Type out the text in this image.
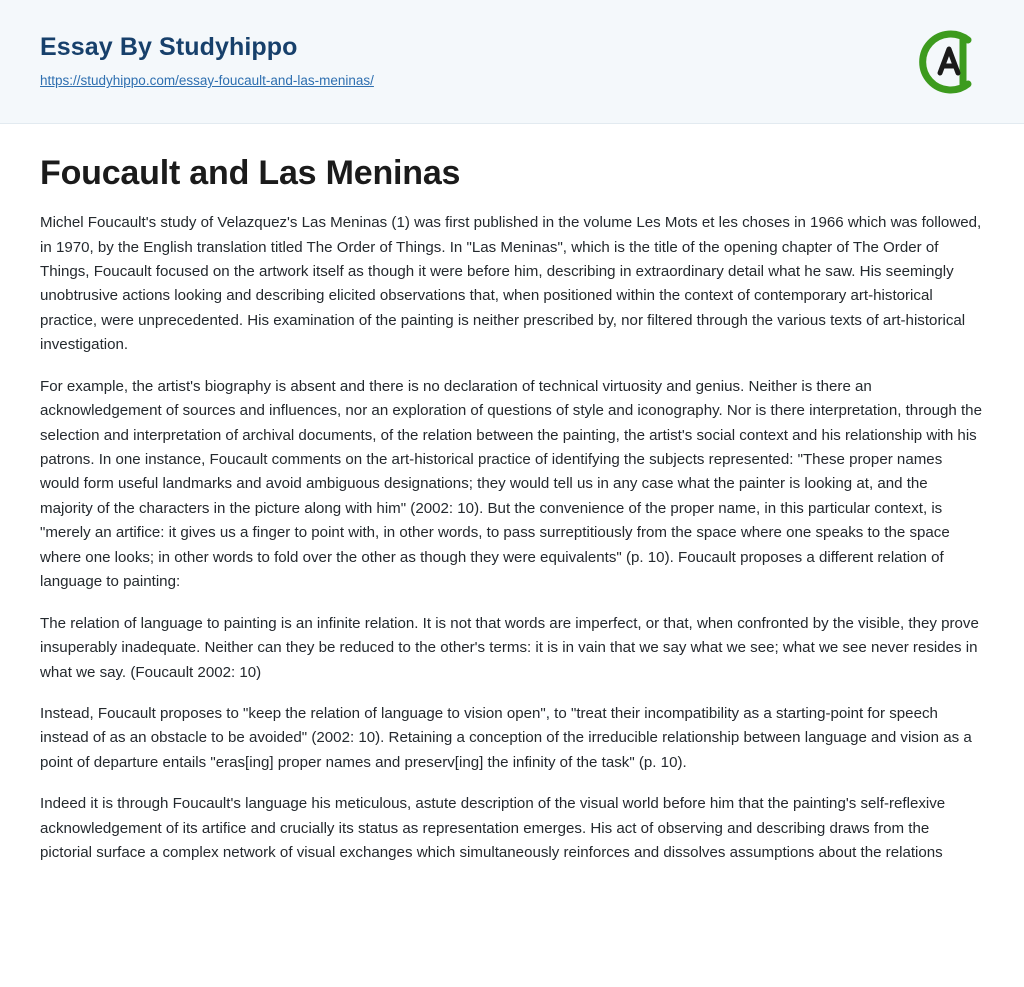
Essay By Studyhippo
https://studyhippo.com/essay-foucault-and-las-meninas/
Foucault and Las Meninas

Michel Foucault's study of Velazquez's Las Meninas (1) was first published in the volume Les Mots et les choses in 1966 which was followed, in 1970, by the English translation titled The Order of Things. In "Las Meninas", which is the title of the opening chapter of The Order of Things, Foucault focused on the artwork itself as though it were before him, describing in extraordinary detail what he saw. His seemingly unobtrusive actions looking and describing elicited observations that, when positioned within the context of contemporary art-historical practice, were unprecedented. His examination of the painting is neither prescribed by, nor filtered through the various texts of art-historical investigation.

For example, the artist's biography is absent and there is no declaration of technical virtuosity and genius. Neither is there an acknowledgement of sources and influences, nor an exploration of questions of style and iconography. Nor is there interpretation, through the selection and interpretation of archival documents, of the relation between the painting, the artist's social context and his relationship with his patrons. In one instance, Foucault comments on the art-historical practice of identifying the subjects represented: "These proper names would form useful landmarks and avoid ambiguous designations; they would tell us in any case what the painter is looking at, and the majority of the characters in the picture along with him" (2002: 10). But the convenience of the proper name, in this particular context, is "merely an artifice: it gives us a finger to point with, in other words, to pass surreptitiously from the space where one speaks to the space where one looks; in other words to fold over the other as though they were equivalents" (p. 10). Foucault proposes a different relation of language to painting:

The relation of language to painting is an infinite relation. It is not that words are imperfect, or that, when confronted by the visible, they prove insuperably inadequate. Neither can they be reduced to the other's terms: it is in vain that we say what we see; what we see never resides in what we say. (Foucault 2002: 10)

Instead, Foucault proposes to "keep the relation of language to vision open", to "treat their incompatibility as a starting-point for speech instead of as an obstacle to be avoided" (2002: 10). Retaining a conception of the irreducible relationship between language and vision as a point of departure entails "eras[ing] proper names and preserv[ing] the infinity of the task" (p. 10).

Indeed it is through Foucault's language his meticulous, astute description of the visual world before him that the painting's self-reflexive acknowledgement of its artifice and crucially its status as representation emerges. His act of observing and describing draws from the pictorial surface a complex network of visual exchanges which simultaneously reinforces and dissolves assumptions about the relations
